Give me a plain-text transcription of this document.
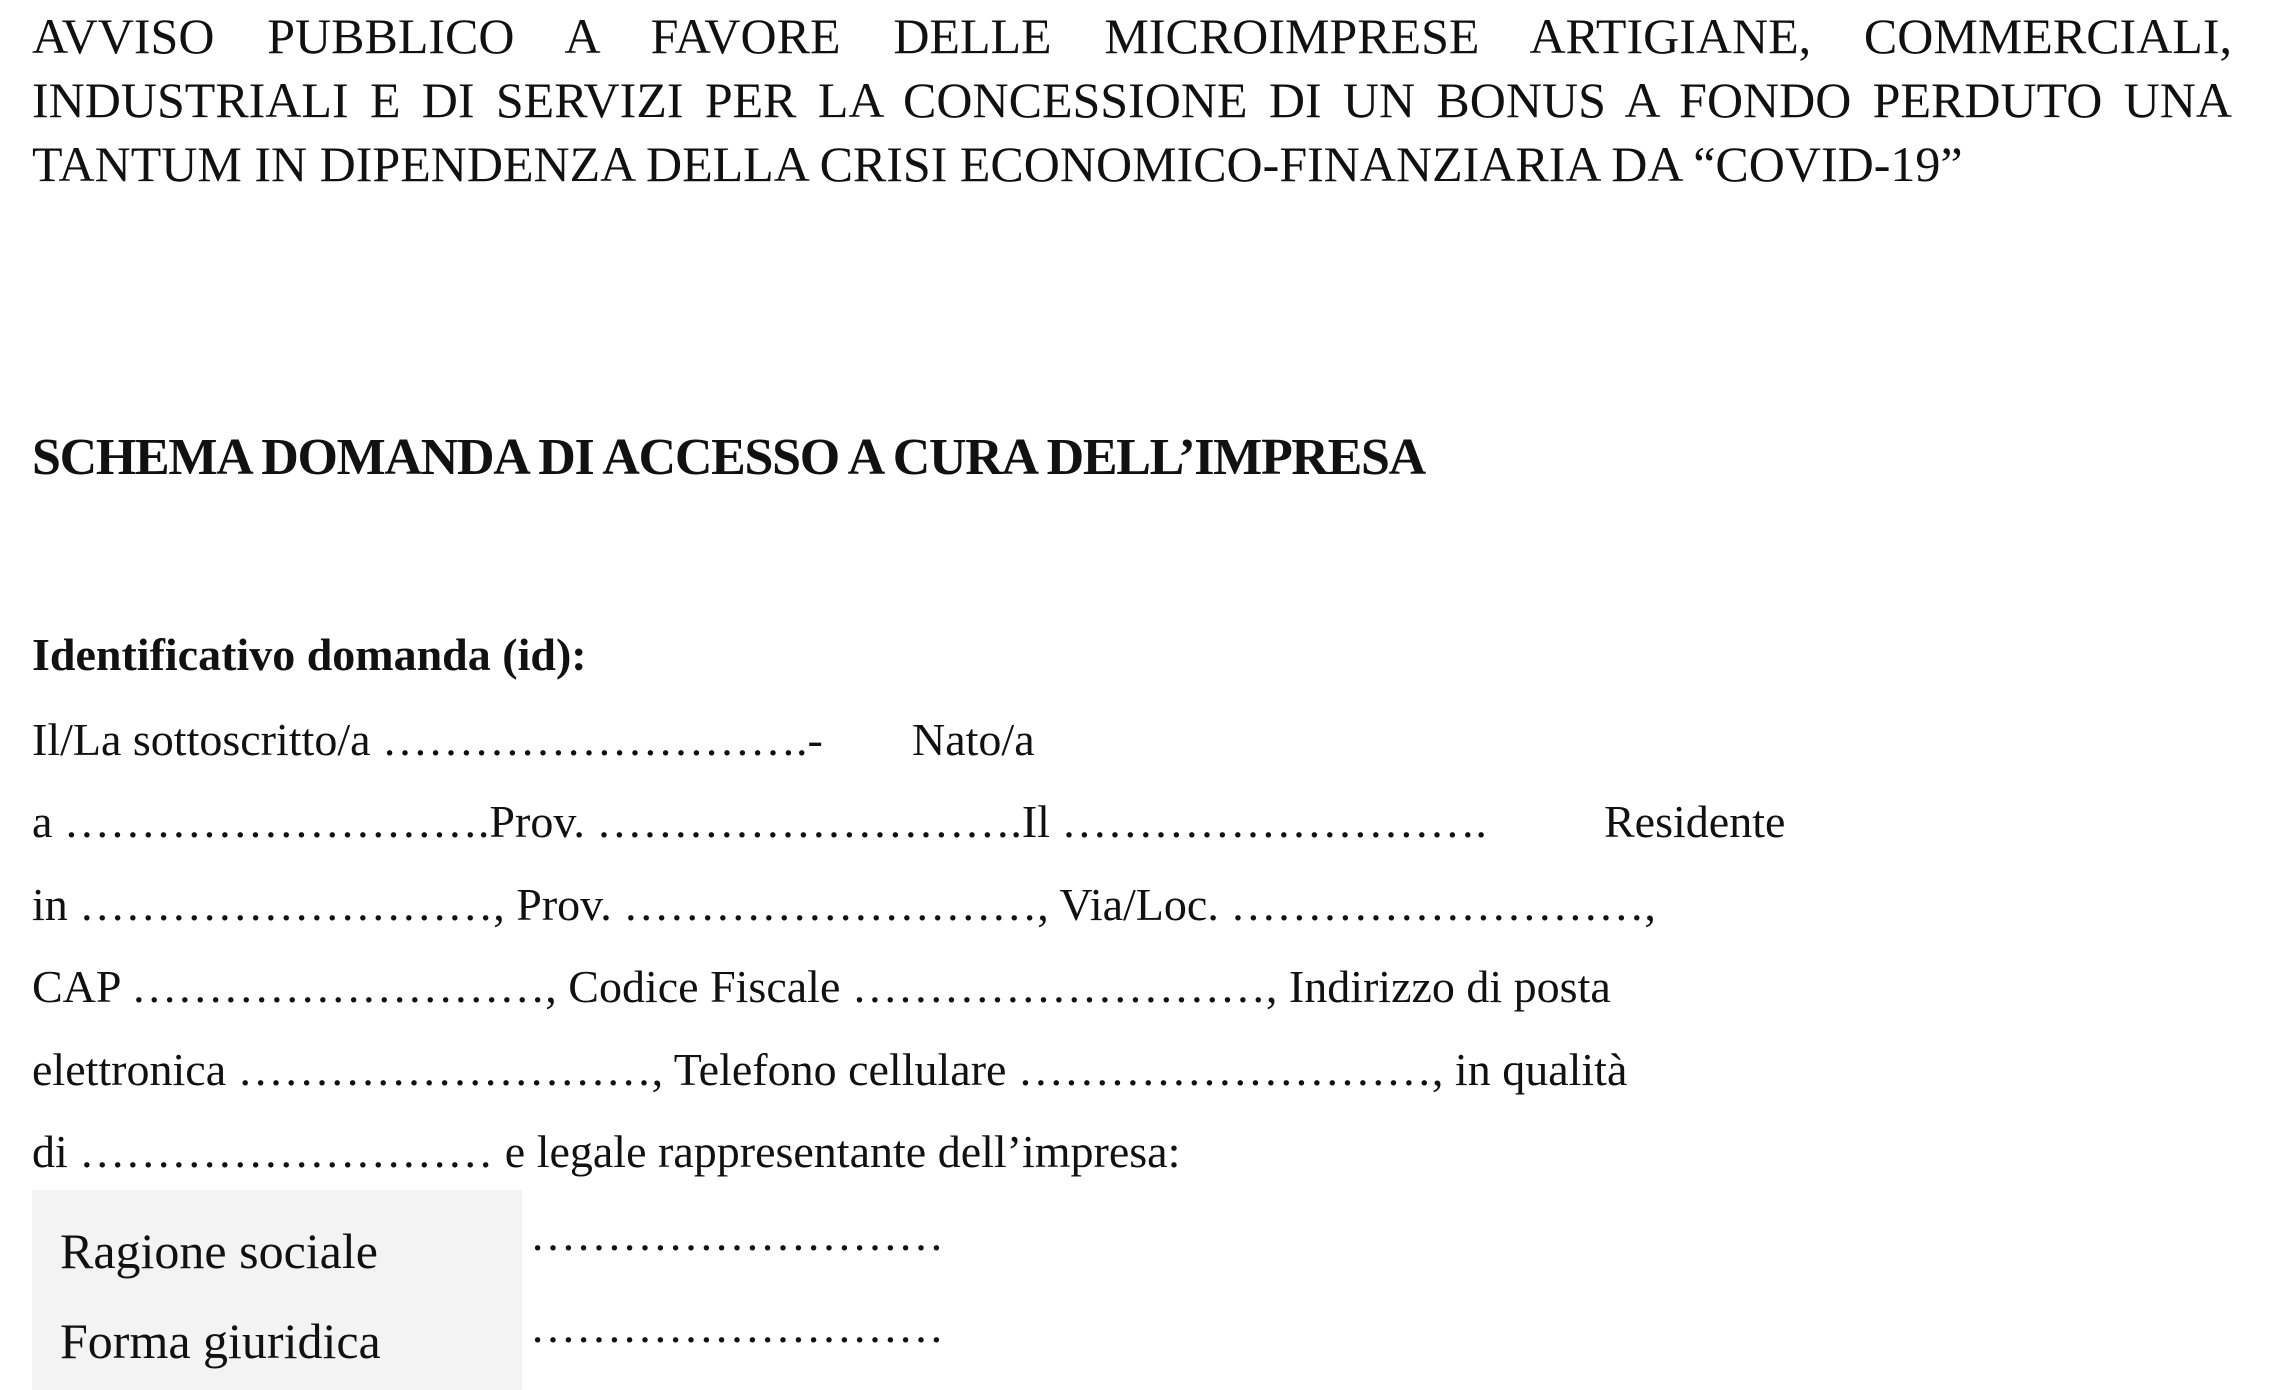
AVVISO PUBBLICO A FAVORE DELLE MICROIMPRESE ARTIGIANE, COMMERCIALI, INDUSTRIALI E DI SERVIZI PER LA CONCESSIONE DI UN BONUS A FONDO PERDUTO UNA TANTUM IN DIPENDENZA DELLA CRISI ECONOMICO-FINANZIARIA DA “COVID-19”

SCHEMA DOMANDA DI ACCESSO A CURA DELL’IMPRESA

Identificativo domanda (id):

Il/La sottoscritto/a ……………………….- Nato/a
a ……………………….Prov. ……………………….Il ……………………….	Residente
in ………………………, Prov. ………………………, Via/Loc. ………………………,
CAP ………………………, Codice Fiscale ………………………, Indirizzo di posta
elettronica ………………………, Telefono cellulare ………………………, in qualità
di ……………………… e legale rappresentante dell’impresa:
Ragione sociale	………………………
Forma giuridica	………………………
